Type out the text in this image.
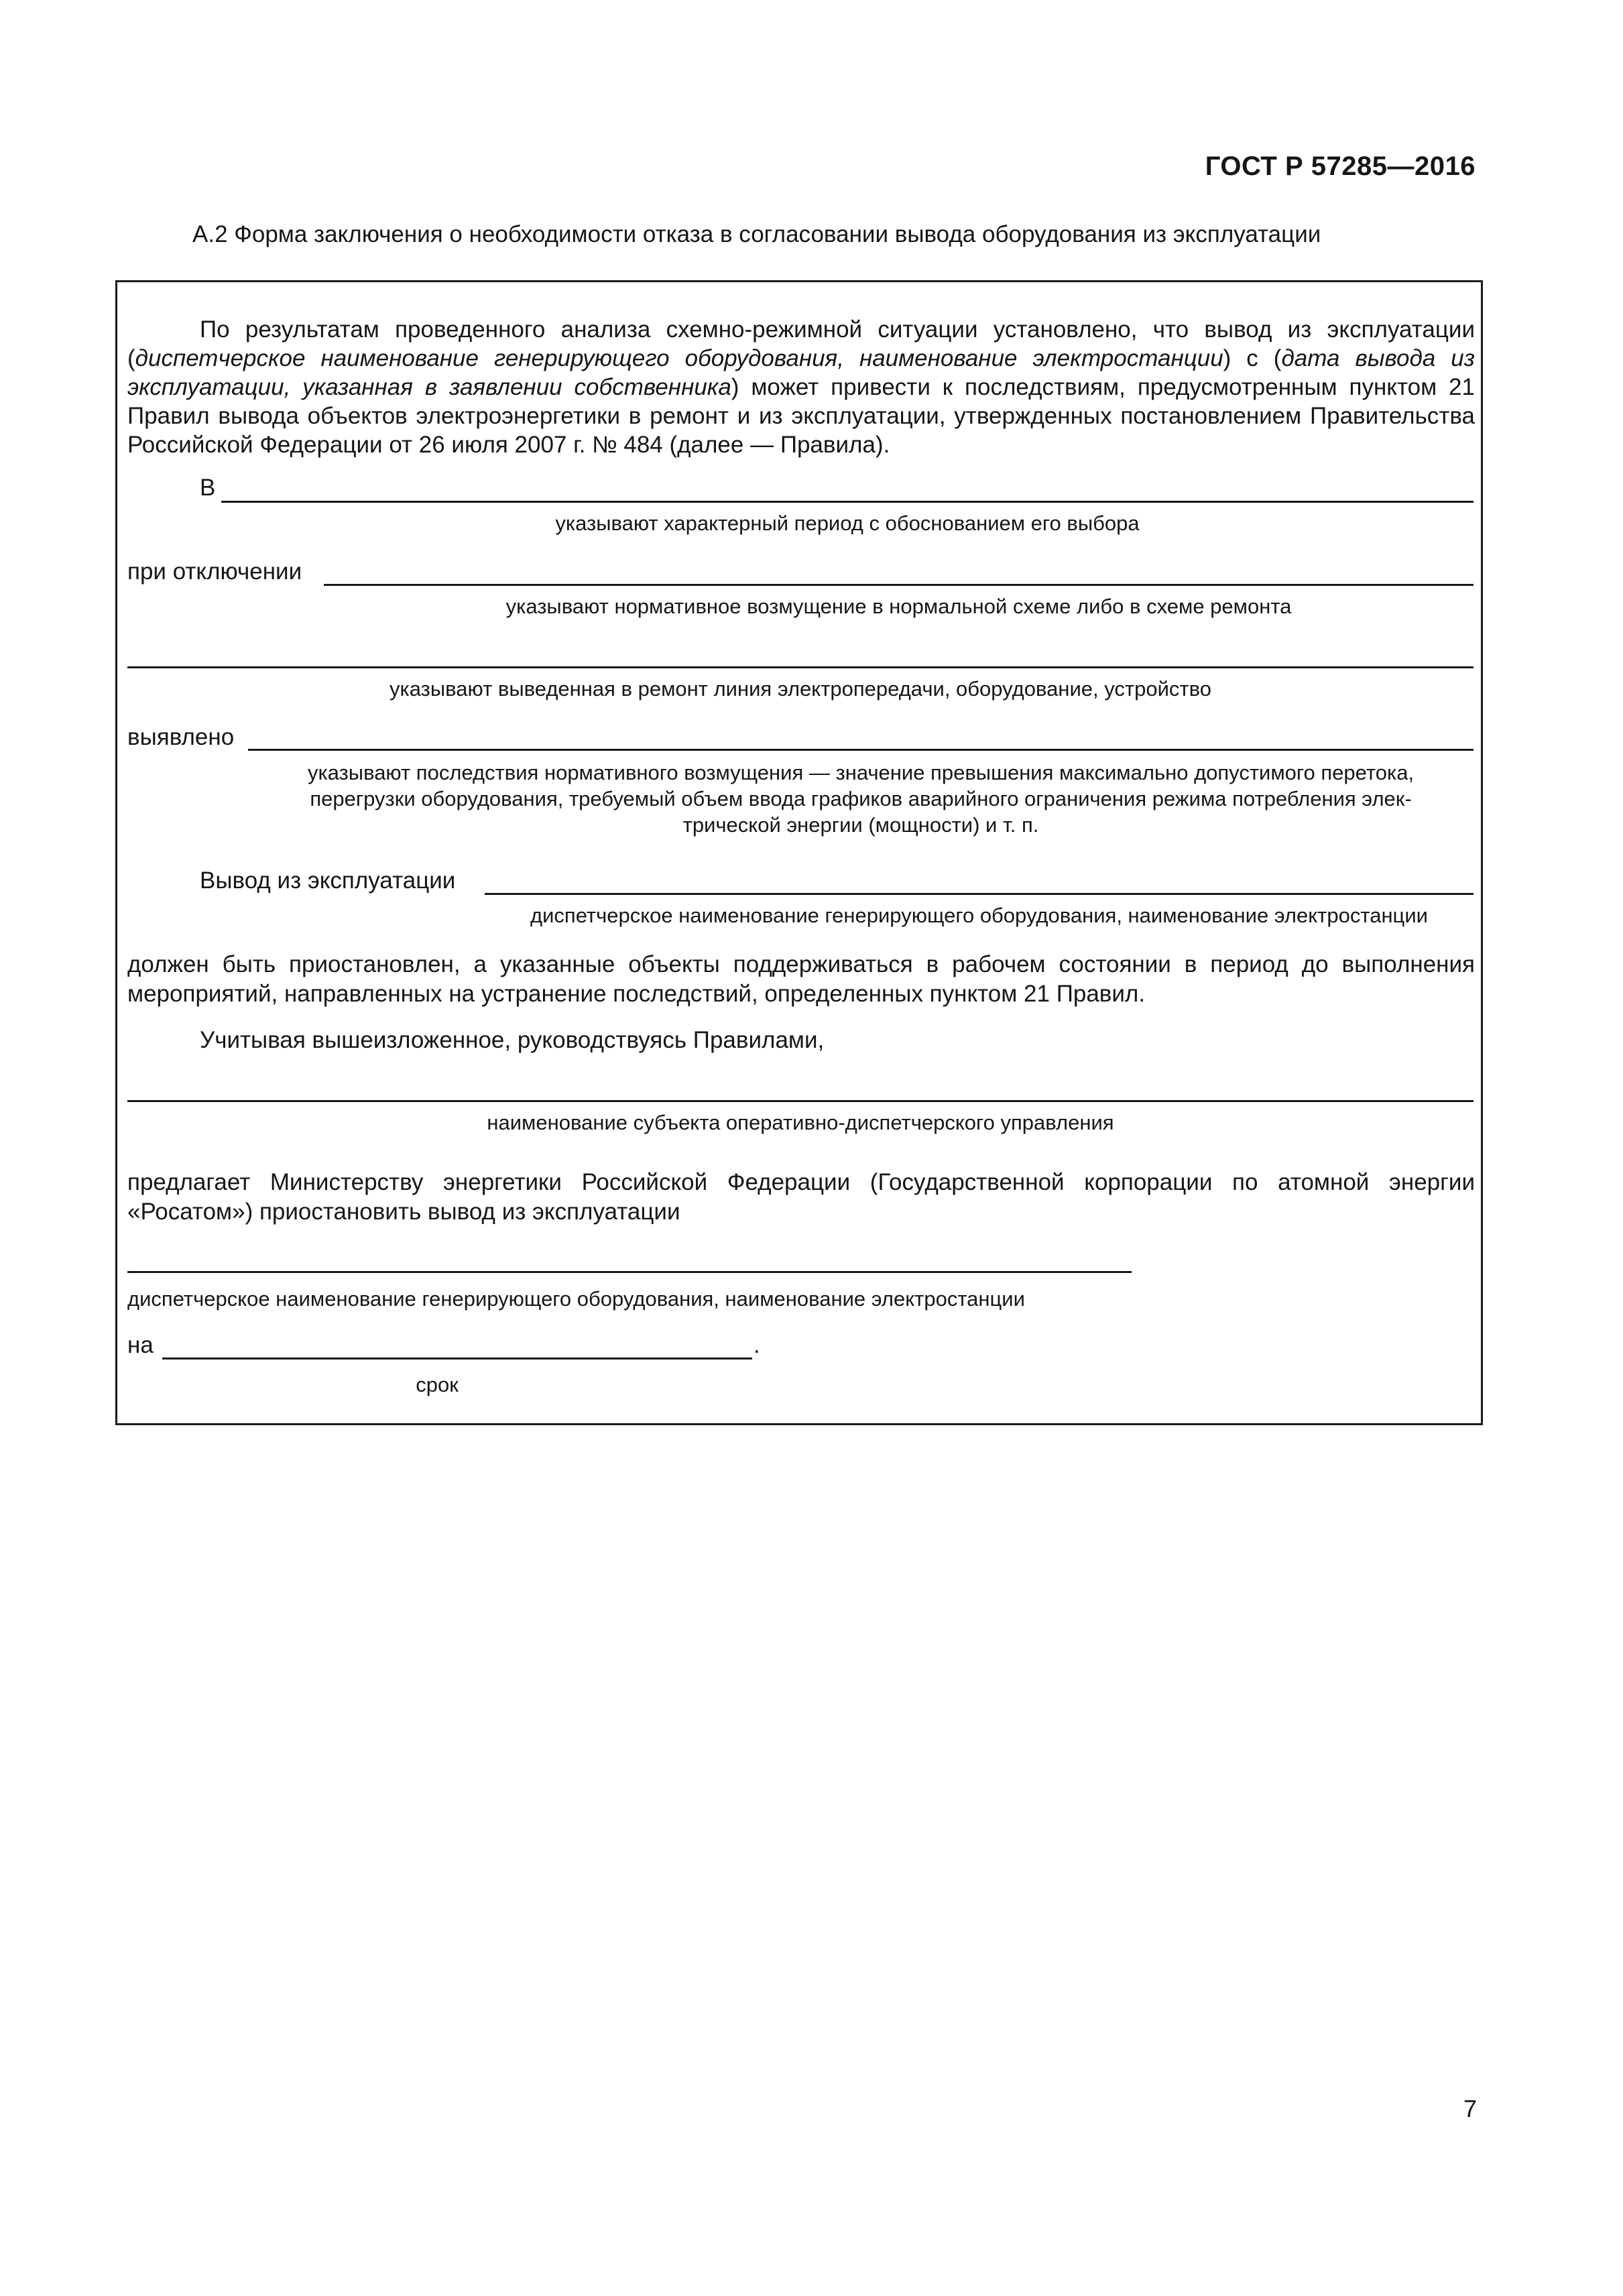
ГОСТ Р 57285—2016
А.2 Форма заключения о необходимости отказа в согласовании вывода оборудования из эксплуатации
По результатам проведенного анализа схемно-режимной ситуации установлено, что вывод из эксплуатации (диспетчерское наименование генерирующего оборудования, наименование электростанции) с (дата вывода из эксплуатации, указанная в заявлении собственника) может привести к последствиям, предусмотренным пунктом 21 Правил вывода объектов электроэнергетики в ремонт и из эксплуатации, утвержденных постановлением Правительства Российской Федерации от 26 июля 2007 г. № 484 (далее — Правила).
В
указывают характерный период с обоснованием его выбора
при отключении
указывают нормативное возмущение в нормальной схеме либо в схеме ремонта
указывают выведенная в ремонт линия электропередачи, оборудование, устройство
выявлено
указывают последствия нормативного возмущения — значение превышения максимально допустимого перетока,
перегрузки оборудования, требуемый объем ввода графиков аварийного ограничения режима потребления элек-
трической энергии (мощности) и т. п.
Вывод из эксплуатации
диспетчерское наименование генерирующего оборудования, наименование электростанции
должен быть приостановлен, а указанные объекты поддерживаться в рабочем состоянии в период до выполнения мероприятий, направленных на устранение последствий, определенных пунктом 21 Правил.
Учитывая вышеизложенное, руководствуясь Правилами,
наименование субъекта оперативно-диспетчерского управления
предлагает Министерству энергетики Российской Федерации (Государственной корпорации по атомной энергии «Росатом») приостановить вывод из эксплуатации
диспетчерское наименование генерирующего оборудования, наименование электростанции
на	.
срок
7
